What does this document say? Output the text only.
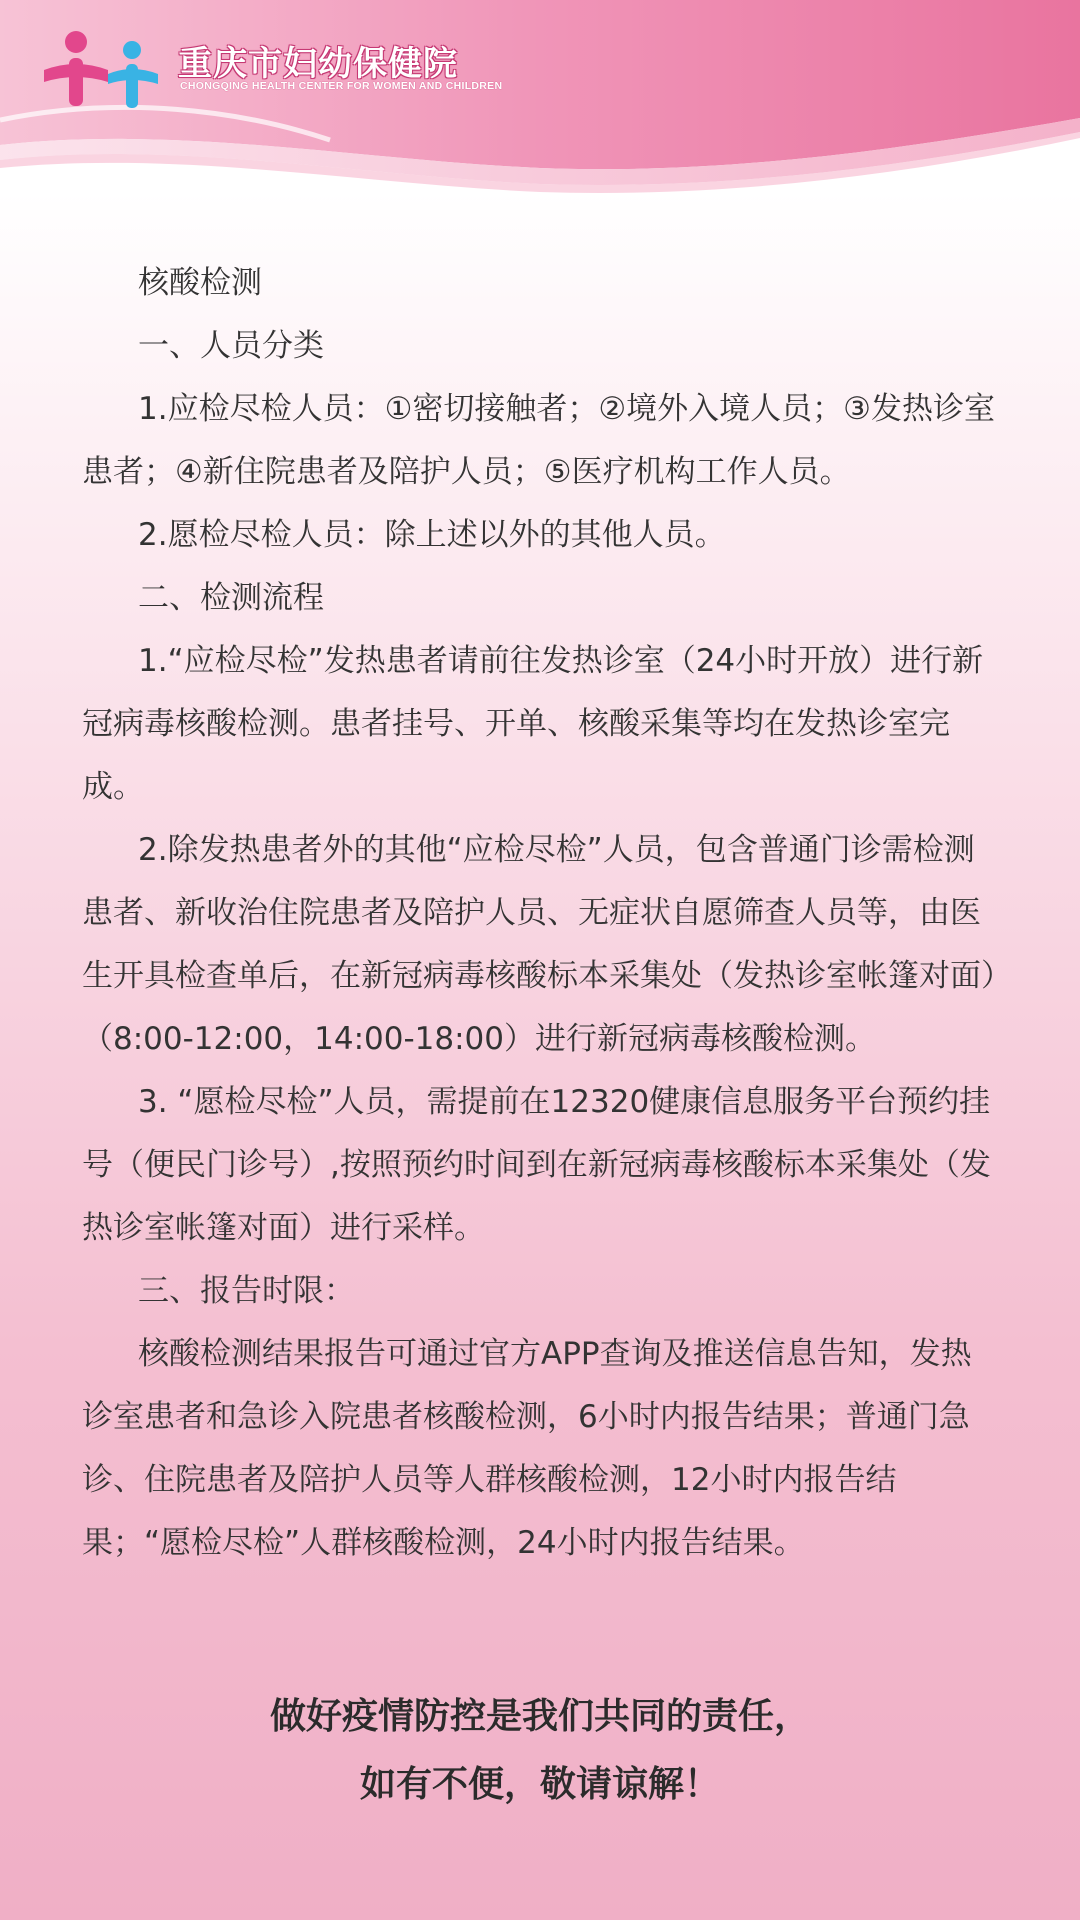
重庆市妇幼保健院
CHONGQING HEALTH CENTER FOR WOMEN AND CHILDREN

核酸检测

一、人员分类

1.应检尽检人员：①密切接触者；②境外入境人员；③发热诊室患者；④新住院患者及陪护人员；⑤医疗机构工作人员。

2.愿检尽检人员：除上述以外的其他人员。

二、检测流程

1.“应检尽检”发热患者请前往发热诊室（24小时开放）进行新冠病毒核酸检测。患者挂号、开单、核酸采集等均在发热诊室完成。

2.除发热患者外的其他“应检尽检”人员，包含普通门诊需检测患者、新收治住院患者及陪护人员、无症状自愿筛查人员等，由医生开具检查单后，在新冠病毒核酸标本采集处（发热诊室帐篷对面）（8:00-12:00，14:00-18:00）进行新冠病毒核酸检测。

3. “愿检尽检”人员，需提前在12320健康信息服务平台预约挂号（便民门诊号）,按照预约时间到在新冠病毒核酸标本采集处（发热诊室帐篷对面）进行采样。

三、报告时限：

核酸检测结果报告可通过官方APP查询及推送信息告知，发热诊室患者和急诊入院患者核酸检测，6小时内报告结果；普通门急诊、住院患者及陪护人员等人群核酸检测，12小时内报告结果；“愿检尽检”人群核酸检测，24小时内报告结果。

做好疫情防控是我们共同的责任，
如有不便，敬请谅解！
